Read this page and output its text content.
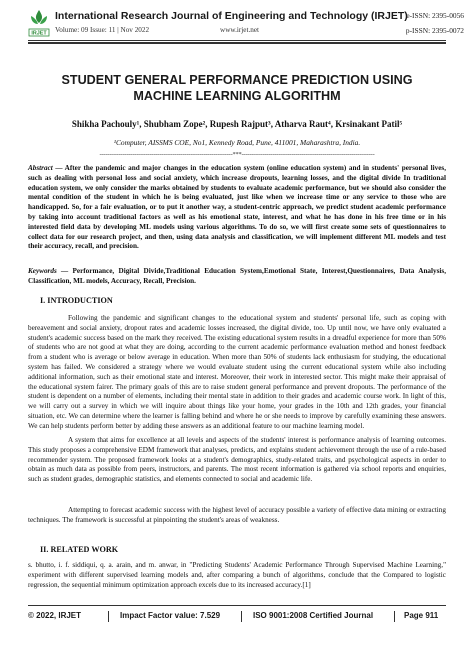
IRJET
International Research Journal of Engineering and Technology (IRJET)
Volume: 09 Issue: 11 | Nov 2022	www.irjet.net
e-ISSN: 2395-0056
p-ISSN: 2395-0072
STUDENT GENERAL PERFORMANCE PREDICTION USING MACHINE LEARNING ALGORITHM
Shikha Pachouly¹, Shubham Zope², Rupesh Rajput³, Atharva Raut⁴, Krsinakant Patil⁵
¹Computer, AISSMS COE, No1, Kennedy Road, Pune, 411001, Maharashtra, India.
---------------------------------------------------------------------***---------------------------------------------------------------------

Abstract — After the pandemic and major changes in the education system (online education system) and in students' personal lives, such as dealing with personal loss and social anxiety, which increase dropouts, learning losses, and the digital divide In traditional education system, we only consider the marks obtained by students to evaluate academic performance, but we should also consider the mental condition of the student in which he is being evaluated, just like when we increase time or any service to those who are handicapped. So, for a fair evaluation, or to put it another way, a student-centric approach, we predict student academic performance by taking into account traditional factors as well as his emotional state, interest, and what he has done in his free time or in his interested field data by developing ML models using various algorithms. To do so, we will first create some sets of questionnaires to collect data for our research project, and then, using data analysis and classification, we will implement different ML models and test their accuracy, recall, and precision.

Keywords — Performance, Digital Divide,Traditional Education System,Emotional State, Interest,Questionnaires, Data Analysis, Classification, ML models, Accuracy, Recall, Precision.

I. INTRODUCTION

Following the pandemic and significant changes to the educational system and students' personal life, such as coping with bereavement and social anxiety, dropout rates and academic losses increased, the digital divide, too. Up until now, we have only evaluated a student's academic success based on the mark they received. The existing educational system results in a dreadful experience for more than 50% of students who are not good at what they are doing, according to the current academic performance evaluation method and honest feedback from a student who is average or below average in education. When more than 50% of students lack enthusiasm for studying, the educational system has failed. We considered a strategy where we would evaluate student using the current educational system while also including additional information, such as their emotional state and interest. Moreover, their work in interested sector. This might make their appraisal of the educational system fairer. The primary goals of this are to raise student general performance and prevent dropouts. The performance of the student is dependent on a number of elements, including their mental state in addition to their grades and academic course work. In light of this, we will carry out a survey in which we will inquire about things like your home, your grades in the 10th and 12th grades, your financial situation, etc. We can determine where the learner is falling behind and where he or she needs to improve by carefully examining these answers. We can help students perform better by adding these answers as an additional feature to our machine learning model.

A system that aims for excellence at all levels and aspects of the students' interest is performance analysis of learning outcomes. This study proposes a comprehensive EDM framework that analyses, predicts, and explains student achievement through the use of a rule-based recommender system. The proposed framework looks at a student's demographics, study-related traits, and psychological aspects in order to obtain as much data as possible from peers, instructors, and parents. The most recent information is gathered via school reports and enquiries, such as student grades, demographic statistics, and elements connected to social and academic life.

Attempting to forecast academic success with the highest level of accuracy possible a variety of effective data mining or extracting techniques. The framework is successful at pinpointing the student's areas of weakness.

II. RELATED WORK

s. bhutto, i. f. siddiqui, q. a. arain, and m. anwar, in "Predicting Students' Academic Performance Through Supervised Machine Learning," experiment with different supervised learning models and, after comparing a bunch of algorithms, conclude that the Compared to logistic regression, the sequential minimum optimization approach excels due to its increased accuracy.[1]

© 2022, IRJET	Impact Factor value: 7.529	ISO 9001:2008 Certified Journal	Page 911
